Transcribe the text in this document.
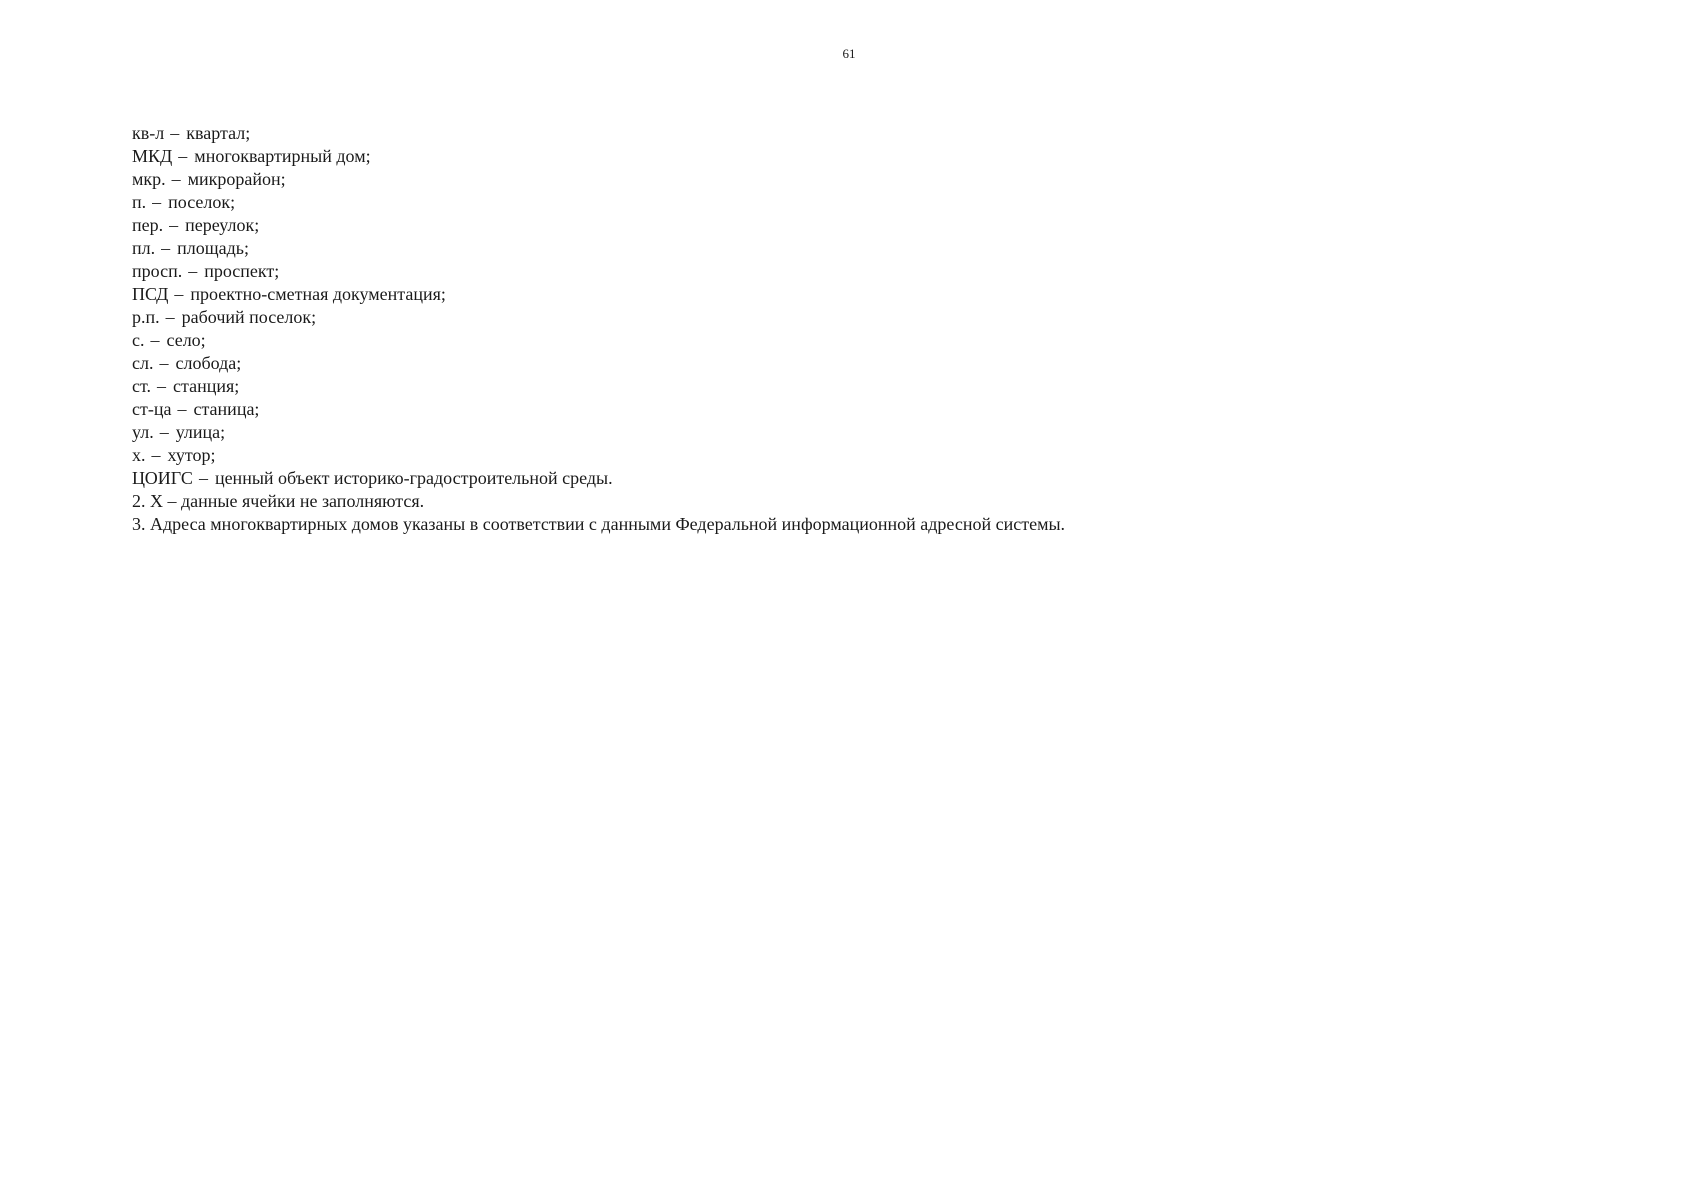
61
кв-л – квартал;
МКД – многоквартирный дом;
мкр. – микрорайон;
п. – поселок;
пер. – переулок;
пл. – площадь;
просп. – проспект;
ПСД – проектно-сметная документация;
р.п. – рабочий поселок;
с. – село;
сл. – слобода;
ст. – станция;
ст-ца – станица;
ул. – улица;
х. – хутор;
ЦОИГС – ценный объект историко-градостроительной среды.

2. Х – данные ячейки не заполняются.

3. Адреса многоквартирных домов указаны в соответствии с данными Федеральной информационной адресной системы.
